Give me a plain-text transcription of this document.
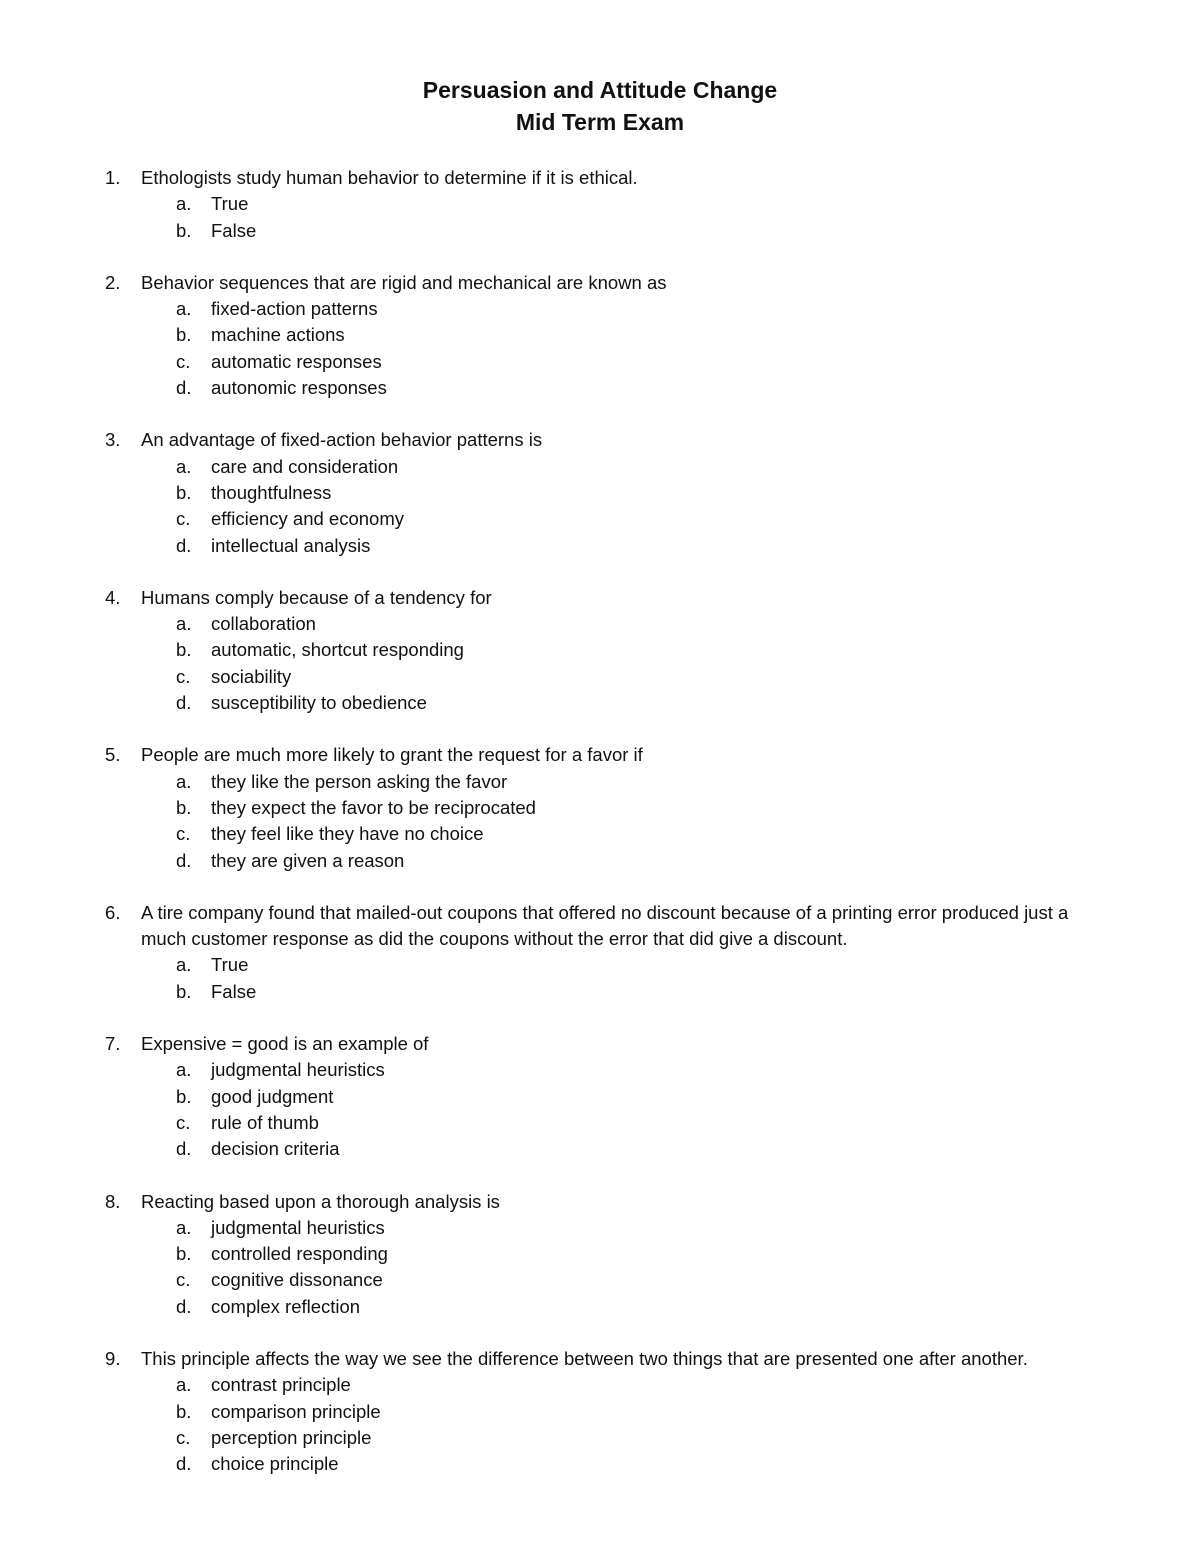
Persuasion and Attitude Change
Mid Term Exam
1. Ethologists study human behavior to determine if it is ethical.
a. True
b. False
2. Behavior sequences that are rigid and mechanical are known as
a. fixed-action patterns
b. machine actions
c. automatic responses
d. autonomic responses
3. An advantage of fixed-action behavior patterns is
a. care and consideration
b. thoughtfulness
c. efficiency and economy
d. intellectual analysis
4. Humans comply because of a tendency for
a. collaboration
b. automatic, shortcut responding
c. sociability
d. susceptibility to obedience
5. People are much more likely to grant the request for a favor if
a. they like the person asking the favor
b. they expect the favor to be reciprocated
c. they feel like they have no choice
d. they are given a reason
6. A tire company found that mailed-out coupons that offered no discount because of a printing error produced just a much customer response as did the coupons without the error that did give a discount.
a. True
b. False
7. Expensive = good is an example of
a. judgmental heuristics
b. good judgment
c. rule of thumb
d. decision criteria
8. Reacting based upon a thorough analysis is
a. judgmental heuristics
b. controlled responding
c. cognitive dissonance
d. complex reflection
9. This principle affects the way we see the difference between two things that are presented one after another.
a. contrast principle
b. comparison principle
c. perception principle
d. choice principle
